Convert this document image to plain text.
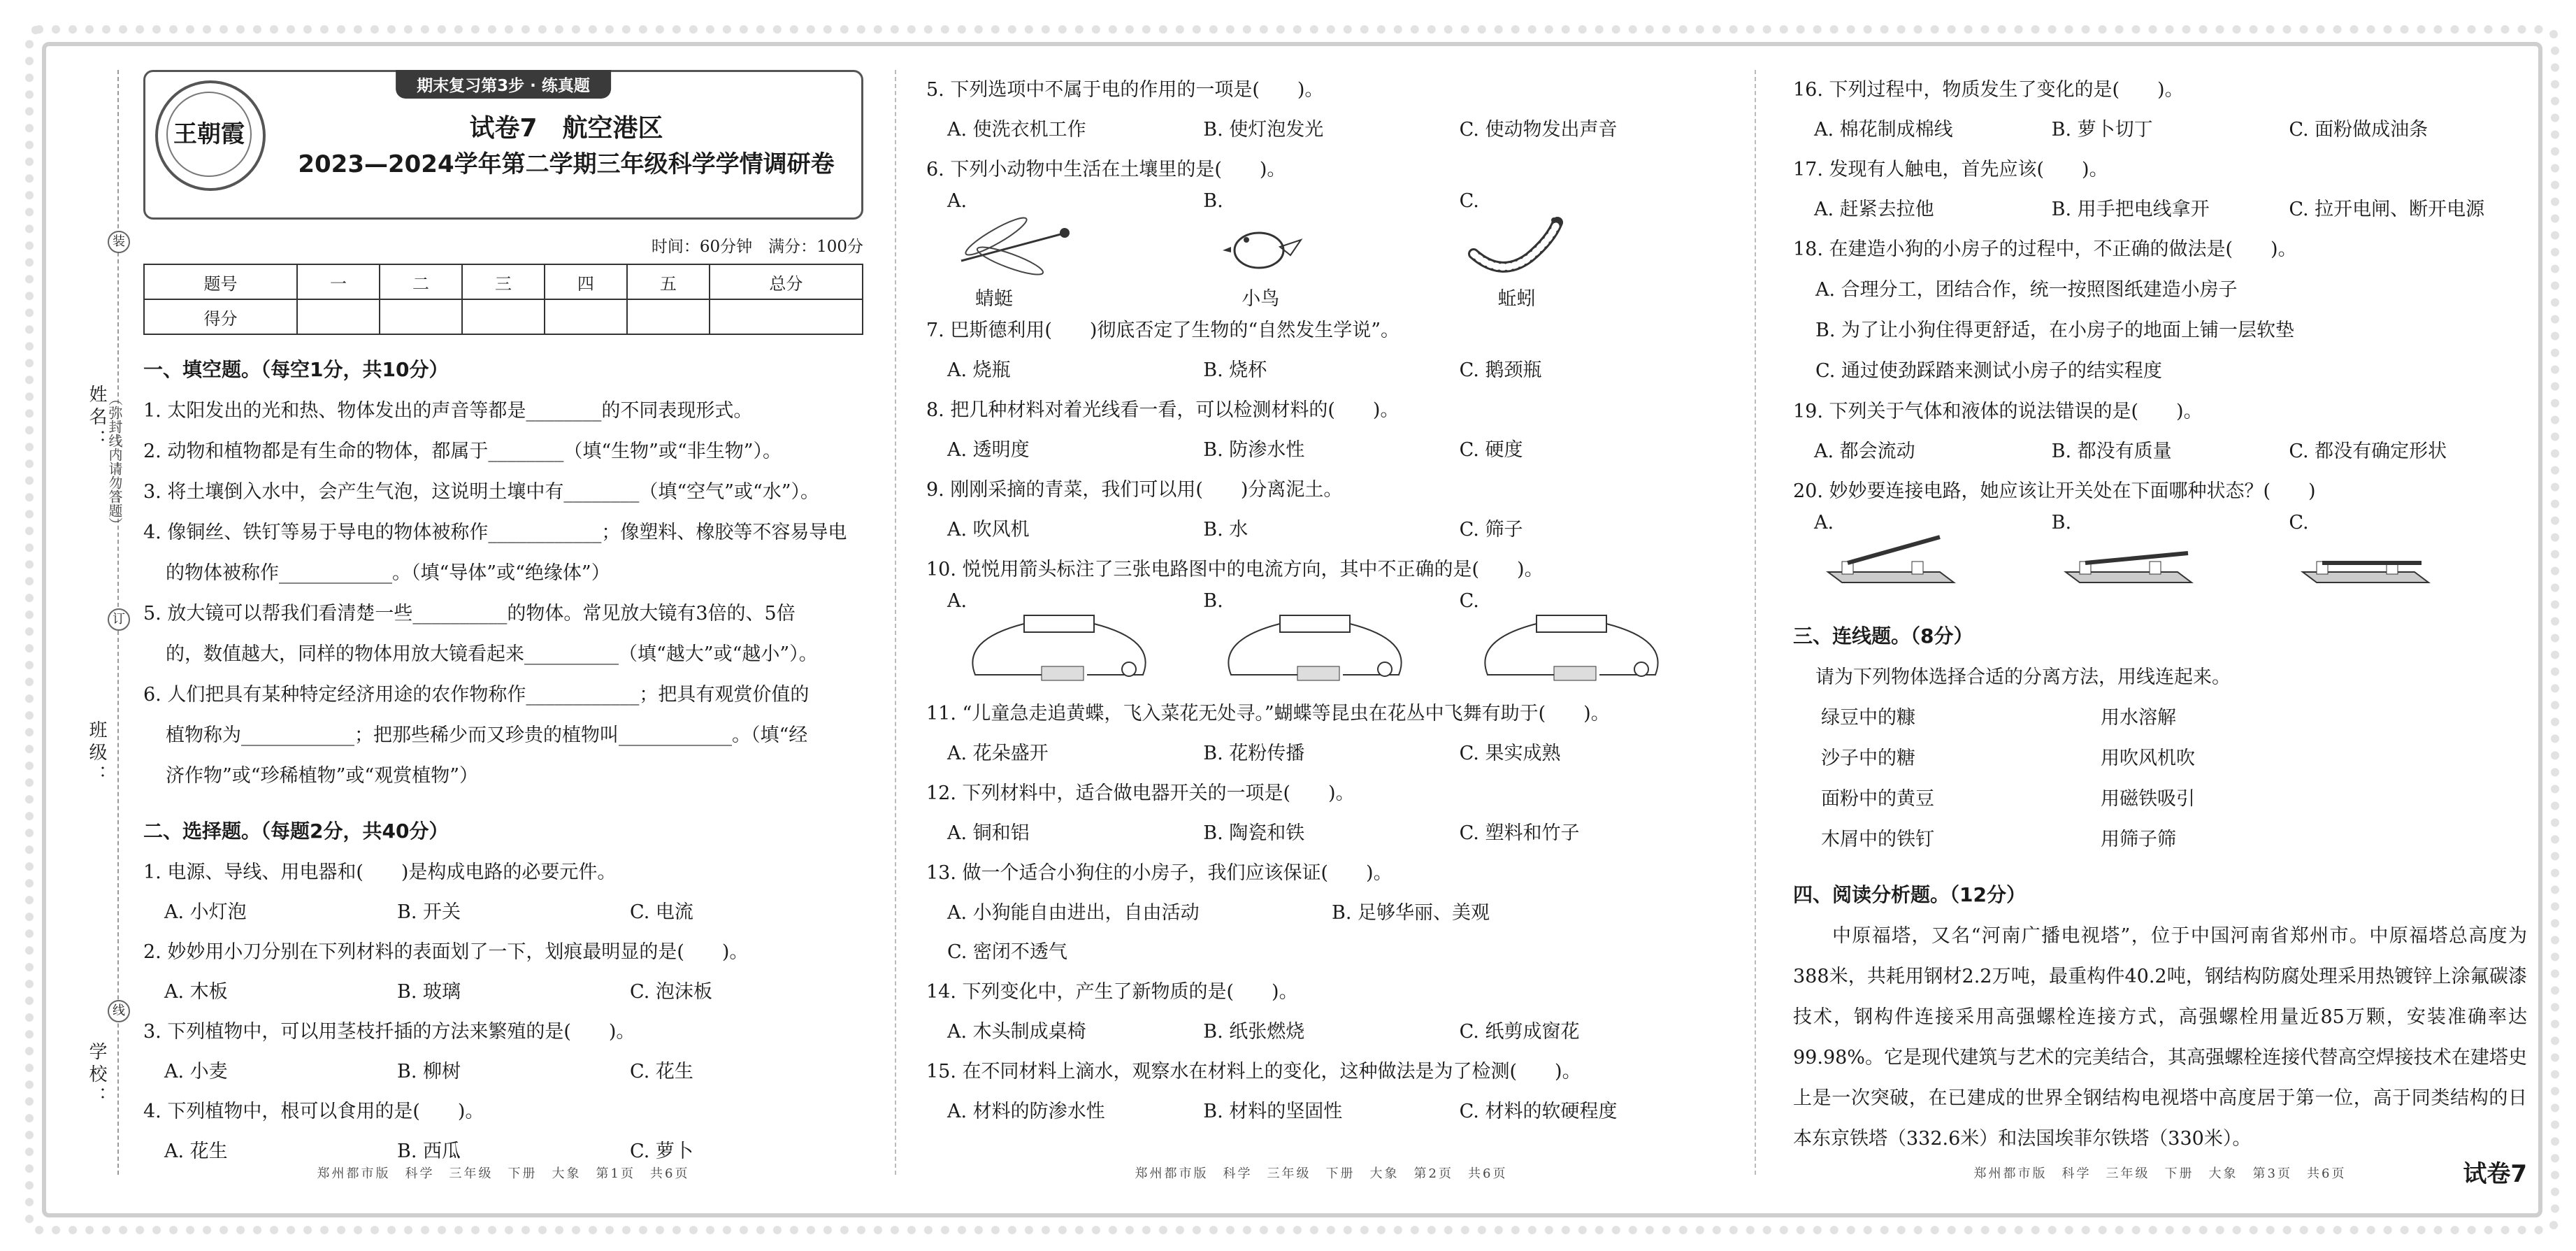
姓名：
班级：
学校：
装
订
线
（弥封线内请勿答题）
期末复习第3步 · 练真题
王朝霞	试卷7　航空港区
2023—2024学年第二学期三年级科学学情调研卷
时间：60分钟　满分：100分
题号	一	二	三	四	五	总分
得分						
一、填空题。（每空1分，共10分）

1. 太阳发出的光和热、物体发出的声音等都是________的不同表现形式。

2. 动物和植物都是有生命的物体，都属于________（填“生物”或“非生物”）。

3. 将土壤倒入水中，会产生气泡，这说明土壤中有________（填“空气”或“水”）。

4. 像铜丝、铁钉等易于导电的物体被称作____________；像塑料、橡胶等不容易导电

的物体被称作____________。（填“导体”或“绝缘体”）

5. 放大镜可以帮我们看清楚一些__________的物体。常见放大镜有3倍的、5倍

的，数值越大，同样的物体用放大镜看起来__________（填“越大”或“越小”）。

6. 人们把具有某种特定经济用途的农作物称作____________；把具有观赏价值的

植物称为____________；把那些稀少而又珍贵的植物叫____________。（填“经

济作物”或“珍稀植物”或“观赏植物”）

二、选择题。（每题2分，共40分）

1. 电源、导线、用电器和(　　)是构成电路的必要元件。

A. 小灯泡	B. 开关	C. 电流

2. 妙妙用小刀分别在下列材料的表面划了一下，划痕最明显的是(　　)。

A. 木板	B. 玻璃	C. 泡沫板

3. 下列植物中，可以用茎枝扦插的方法来繁殖的是(　　)。

A. 小麦	B. 柳树	C. 花生

4. 下列植物中，根可以食用的是(　　)。

A. 花生	B. 西瓜	C. 萝卜
郑州都市版　科学　三年级　下册　大象　第1页　共6页

5. 下列选项中不属于电的作用的一项是(　　)。

A. 使洗衣机工作	B. 使灯泡发光	C. 使动物发出声音

6. 下列小动物中生活在土壤里的是(　　)。

A.
蜻蜓
B.
小鸟
C.
蚯蚓

7. 巴斯德利用(　　)彻底否定了生物的“自然发生学说”。

A. 烧瓶	B. 烧杯	C. 鹅颈瓶

8. 把几种材料对着光线看一看，可以检测材料的(　　)。

A. 透明度	B. 防渗水性	C. 硬度

9. 刚刚采摘的青菜，我们可以用(　　)分离泥土。

A. 吹风机	B. 水	C. 筛子

10. 悦悦用箭头标注了三张电路图中的电流方向，其中不正确的是(　　)。

A.	B.	C.

11. “儿童急走追黄蝶，飞入菜花无处寻。”蝴蝶等昆虫在花丛中飞舞有助于(　　)。

A. 花朵盛开	B. 花粉传播	C. 果实成熟

12. 下列材料中，适合做电器开关的一项是(　　)。

A. 铜和铝	B. 陶瓷和铁	C. 塑料和竹子

13. 做一个适合小狗住的小房子，我们应该保证(　　)。

A. 小狗能自由进出，自由活动	B. 足够华丽、美观
C. 密闭不透气

14. 下列变化中，产生了新物质的是(　　)。

A. 木头制成桌椅	B. 纸张燃烧	C. 纸剪成窗花

15. 在不同材料上滴水，观察水在材料上的变化，这种做法是为了检测(　　)。

A. 材料的防渗水性	B. 材料的坚固性	C. 材料的软硬程度
郑州都市版　科学　三年级　下册　大象　第2页　共6页

16. 下列过程中，物质发生了变化的是(　　)。

A. 棉花制成棉线	B. 萝卜切丁	C. 面粉做成油条

17. 发现有人触电，首先应该(　　)。

A. 赶紧去拉他	B. 用手把电线拿开	C. 拉开电闸、断开电源

18. 在建造小狗的小房子的过程中，不正确的做法是(　　)。

A. 合理分工，团结合作，统一按照图纸建造小房子

B. 为了让小狗住得更舒适，在小房子的地面上铺一层软垫

C. 通过使劲踩踏来测试小房子的结实程度

19. 下列关于气体和液体的说法错误的是(　　)。

A. 都会流动	B. 都没有质量	C. 都没有确定形状

20. 妙妙要连接电路，她应该让开关处在下面哪种状态？(　　)

A.	B.	C.
三、连线题。（8分）

请为下列物体选择合适的分离方法，用线连起来。

绿豆中的糠	用水溶解
沙子中的糖	用吹风机吹
面粉中的黄豆	用磁铁吸引
木屑中的铁钉	用筛子筛
四、阅读分析题。（12分）
中原福塔，又名“河南广播电视塔”，位于中国河南省郑州市。中原福塔总高度为388米，共耗用钢材2.2万吨，最重构件40.2吨，钢结构防腐处理采用热镀锌上涂氟碳漆技术，钢构件连接采用高强螺栓连接方式，高强螺栓用量近85万颗，安装准确率达99.98%。它是现代建筑与艺术的完美结合，其高强螺栓连接代替高空焊接技术在建塔史上是一次突破，在已建成的世界全钢结构电视塔中高度居于第一位，高于同类结构的日本东京铁塔（332.6米）和法国埃菲尔铁塔（330米）。
郑州都市版　科学　三年级　下册　大象　第3页　共6页	试卷7
